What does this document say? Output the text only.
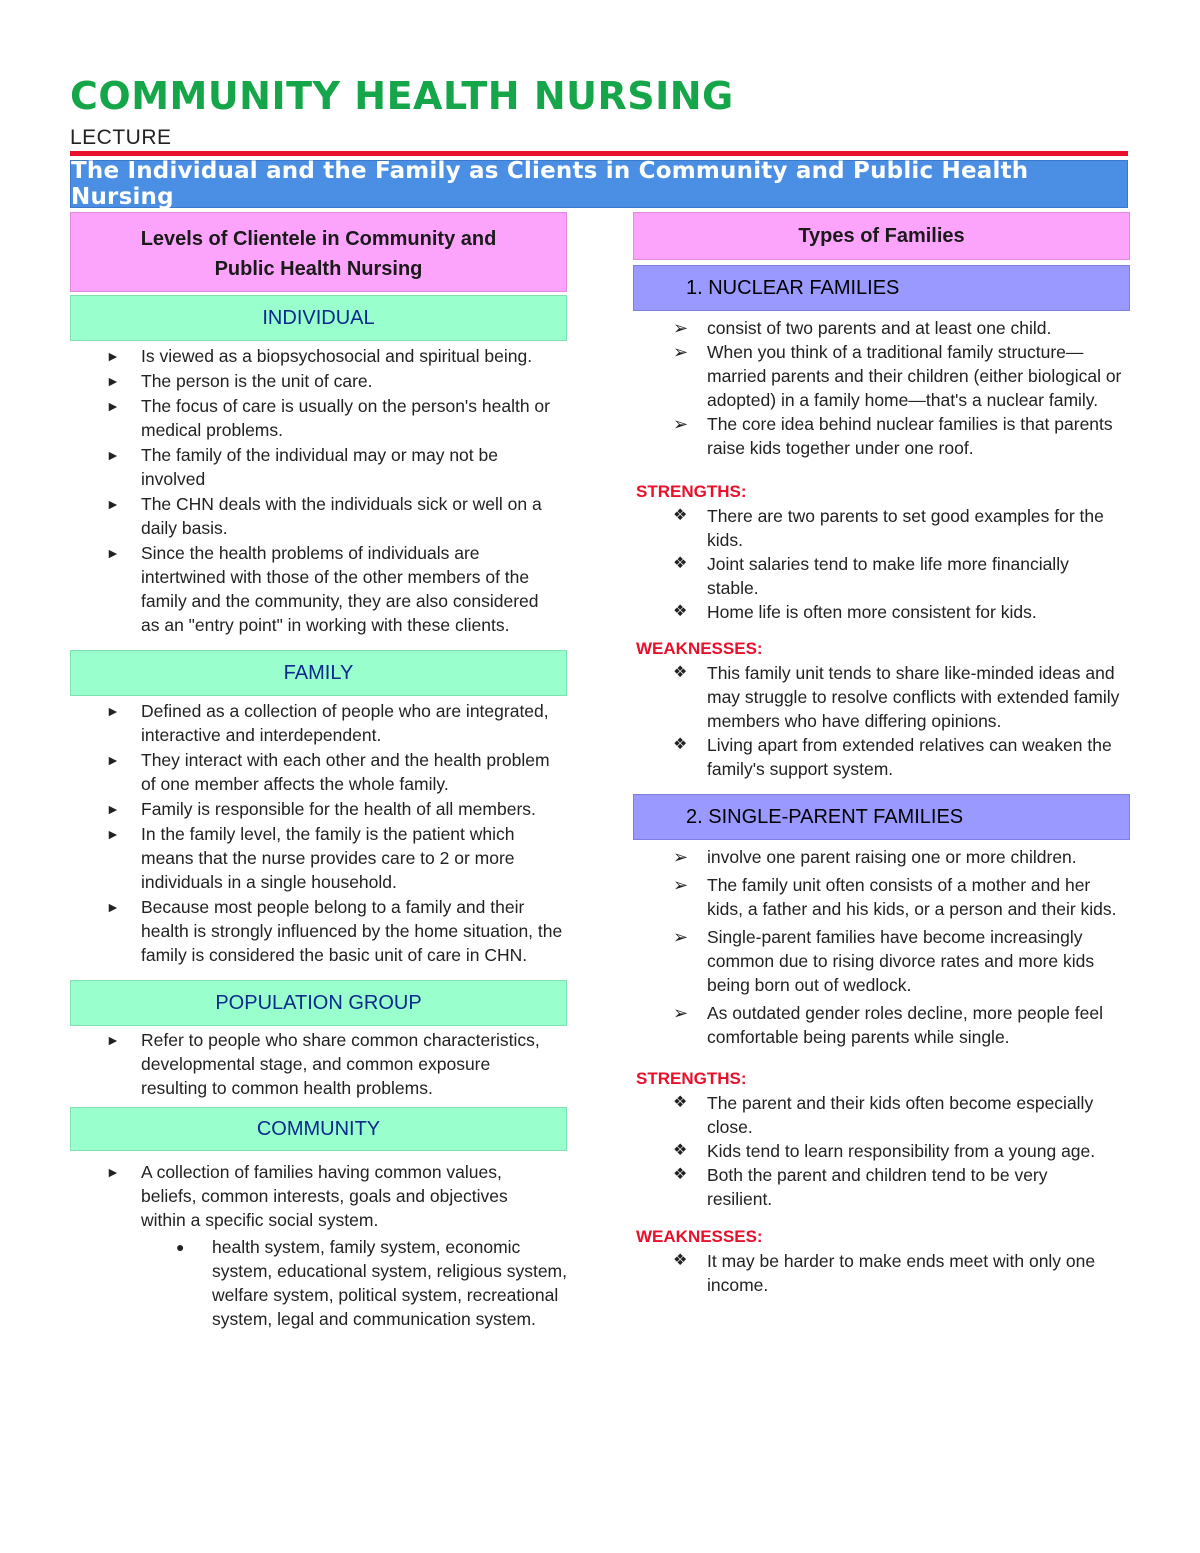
COMMUNITY HEALTH NURSING
LECTURE
The Individual and the Family as Clients in Community and Public Health Nursing
Levels of Clientele in Community and Public Health Nursing
INDIVIDUAL
► Is viewed as a biopsychosocial and spiritual being.
► The person is the unit of care.
► The focus of care is usually on the person's health or medical problems.
► The family of the individual may or may not be involved
► The CHN deals with the individuals sick or well on a daily basis.
► Since the health problems of individuals are intertwined with those of the other members of the family and the community, they are also considered as an "entry point" in working with these clients.
FAMILY
► Defined as a collection of people who are integrated, interactive and interdependent.
► They interact with each other and the health problem of one member affects the whole family.
► Family is responsible for the health of all members.
► In the family level, the family is the patient which means that the nurse provides care to 2 or more individuals in a single household.
► Because most people belong to a family and their health is strongly influenced by the home situation, the family is considered the basic unit of care in CHN.
POPULATION GROUP
► Refer to people who share common characteristics, developmental stage, and common exposure resulting to common health problems.
COMMUNITY
► A collection of families having common values, beliefs, common interests, goals and objectives within a specific social system.
● health system, family system, economic system, educational system, religious system, welfare system, political system, recreational system, legal and communication system.
Types of Families
1. NUCLEAR FAMILIES
➢ consist of two parents and at least one child.
➢ When you think of a traditional family structure—married parents and their children (either biological or adopted) in a family home—that's a nuclear family.
➢ The core idea behind nuclear families is that parents raise kids together under one roof.
STRENGTHS:
❖ There are two parents to set good examples for the kids.
❖ Joint salaries tend to make life more financially stable.
❖ Home life is often more consistent for kids.
WEAKNESSES:
❖ This family unit tends to share like-minded ideas and may struggle to resolve conflicts with extended family members who have differing opinions.
❖ Living apart from extended relatives can weaken the family's support system.
2. SINGLE-PARENT FAMILIES
➢ involve one parent raising one or more children.
➢ The family unit often consists of a mother and her kids, a father and his kids, or a person and their kids.
➢ Single-parent families have become increasingly common due to rising divorce rates and more kids being born out of wedlock.
➢ As outdated gender roles decline, more people feel comfortable being parents while single.
STRENGTHS:
❖ The parent and their kids often become especially close.
❖ Kids tend to learn responsibility from a young age.
❖ Both the parent and children tend to be very resilient.
WEAKNESSES:
❖ It may be harder to make ends meet with only one income.
